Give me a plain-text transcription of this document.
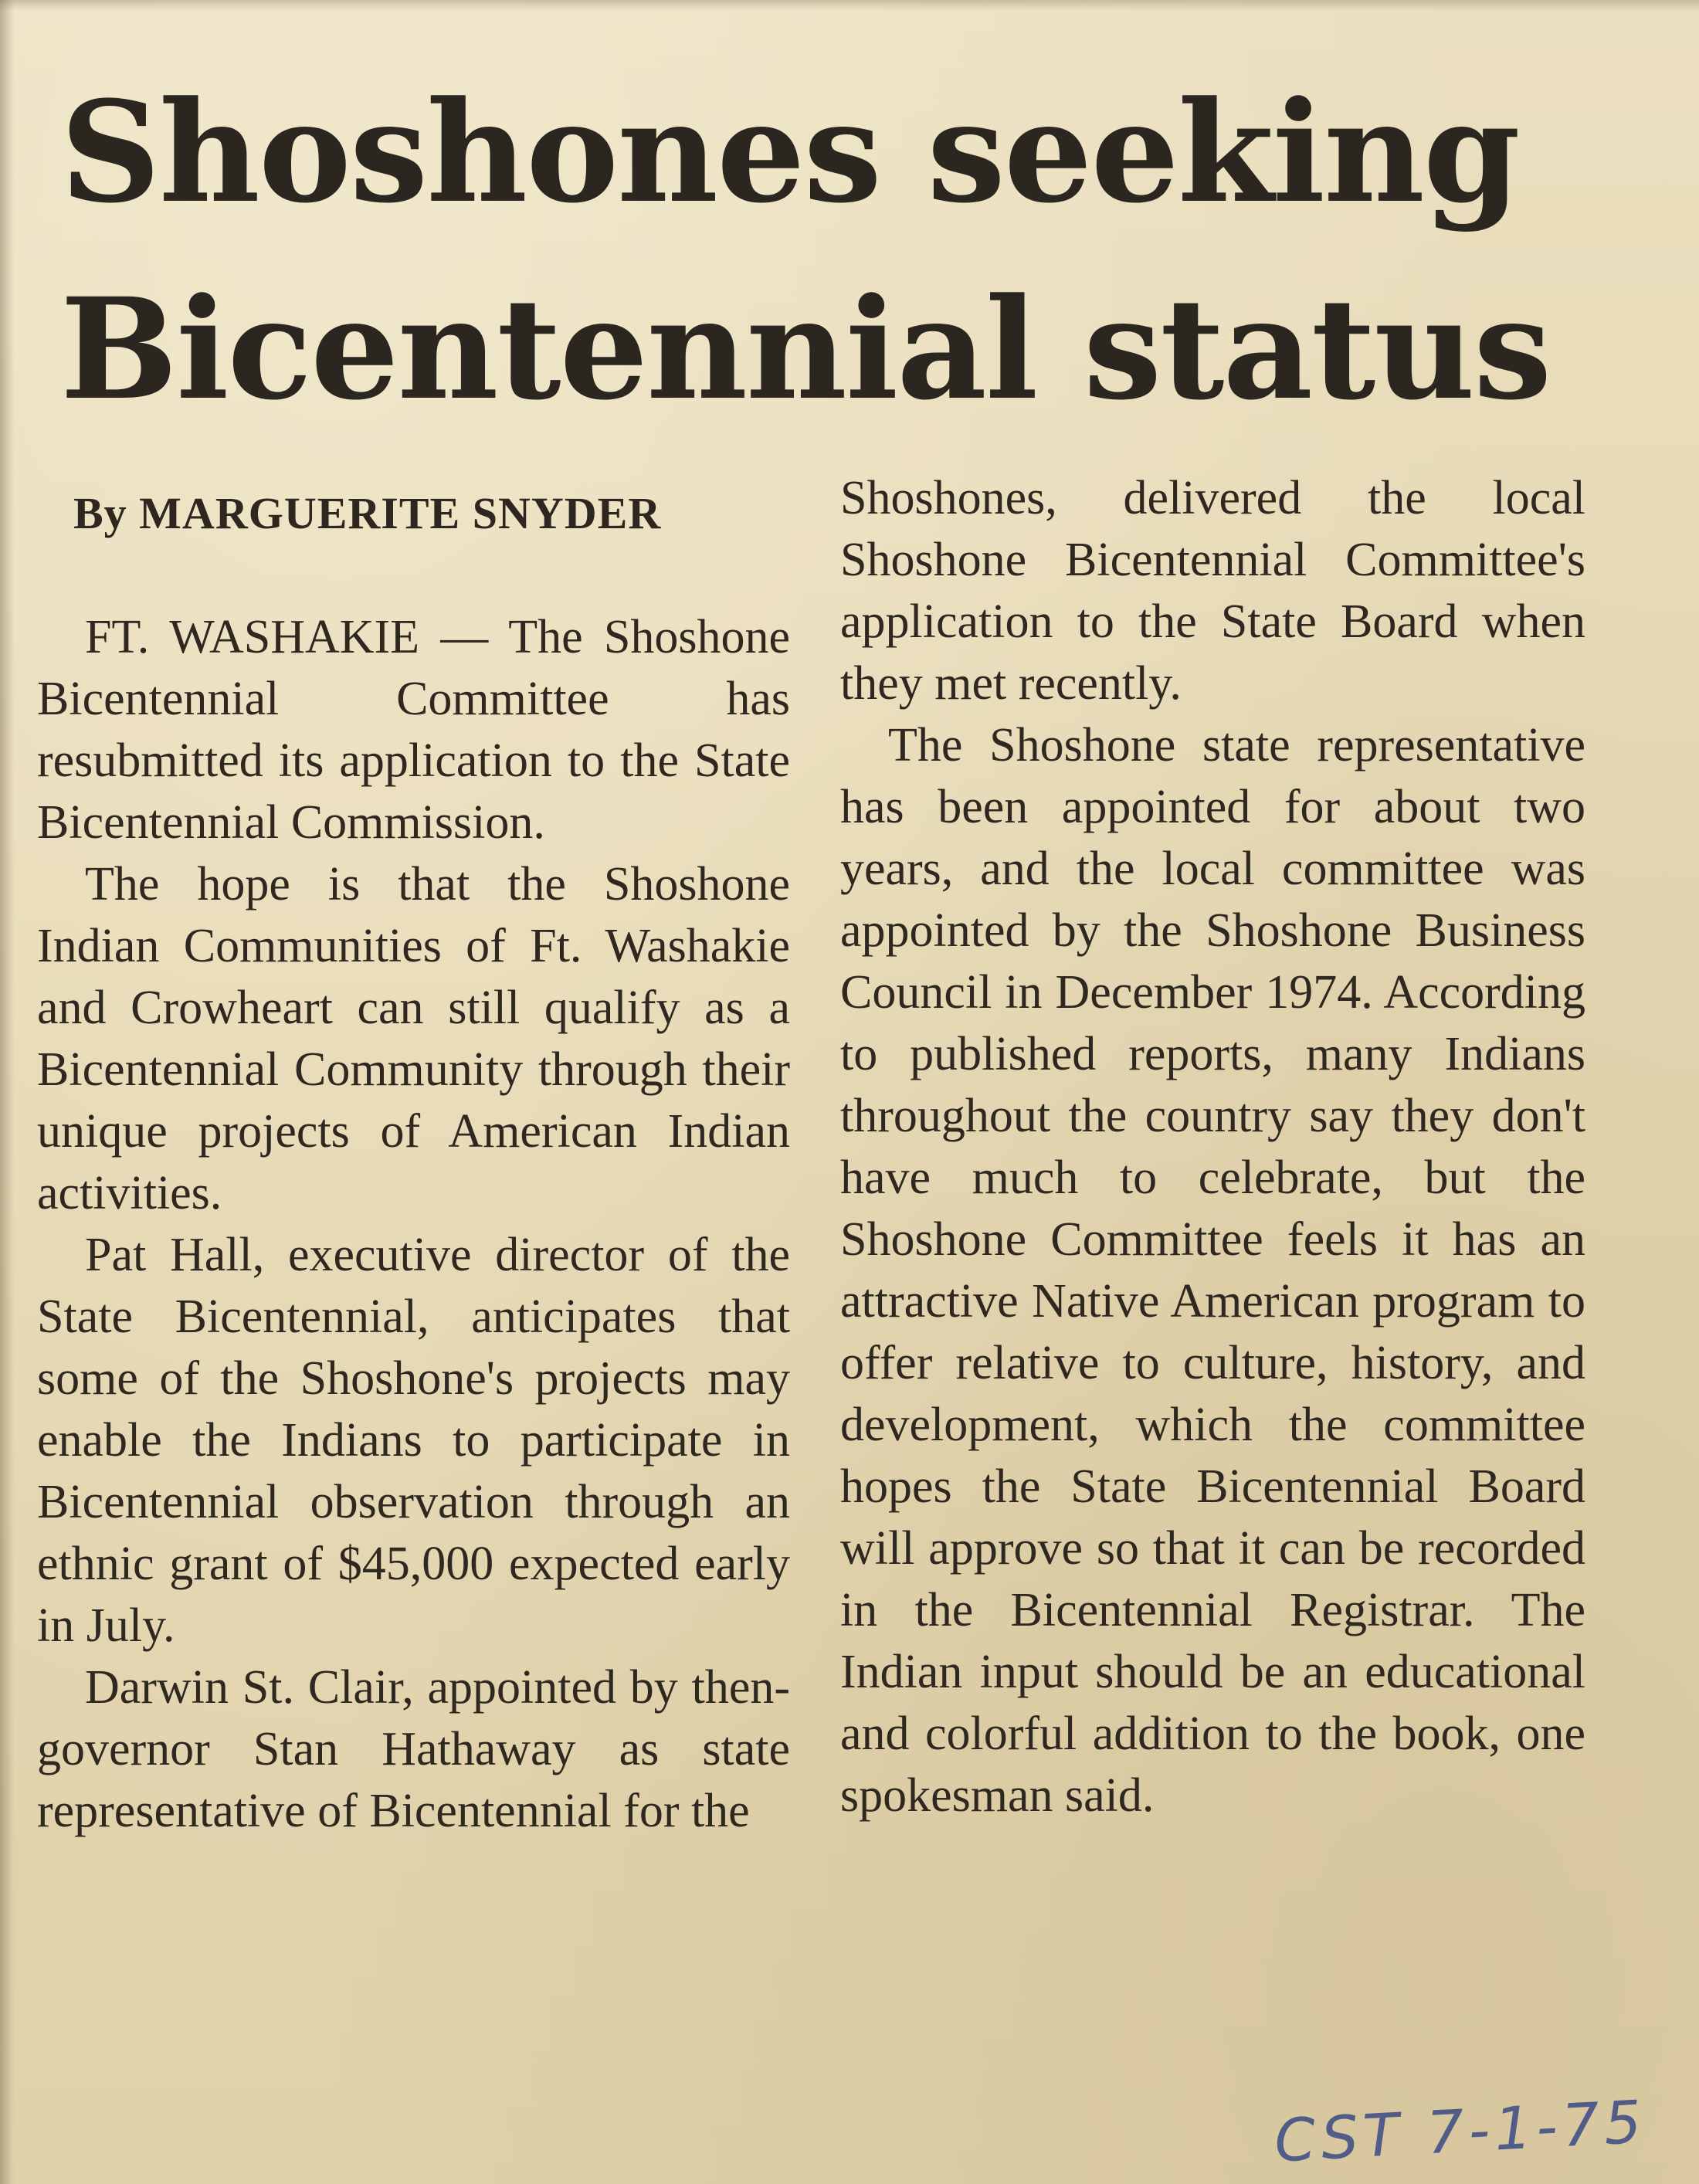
Shoshones seeking
Bicentennial status
By MARGUERITE SNYDER

FT. WASHAKIE — The Shoshone Bicentennial Committee has resubmitted its application to the State Bicentennial Commission.

The hope is that the Shoshone Indian Communities of Ft. Washakie and Crowheart can still qualify as a Bicentennial Community through their unique projects of American Indian activities.

Pat Hall, executive director of the State Bicentennial, anticipates that some of the Shoshone's projects may enable the Indians to participate in Bicentennial observation through an ethnic grant of $45,000 expected early in July.

Darwin St. Clair, appointed by then-governor Stan Hathaway as state representative of Bicentennial for the

Shoshones, delivered the local Shoshone Bicentennial Committee's application to the State Board when they met recently.

The Shoshone state representative has been appointed for about two years, and the local committee was appointed by the Shoshone Business Council in December 1974. According to published reports, many Indians throughout the country say they don't have much to celebrate, but the Shoshone Committee feels it has an attractive Native American program to offer relative to culture, history, and development, which the committee hopes the State Bicentennial Board will approve so that it can be recorded in the Bicentennial Registrar. The Indian input should be an educational and colorful addition to the book, one spokesman said.

CST 7-1-75
